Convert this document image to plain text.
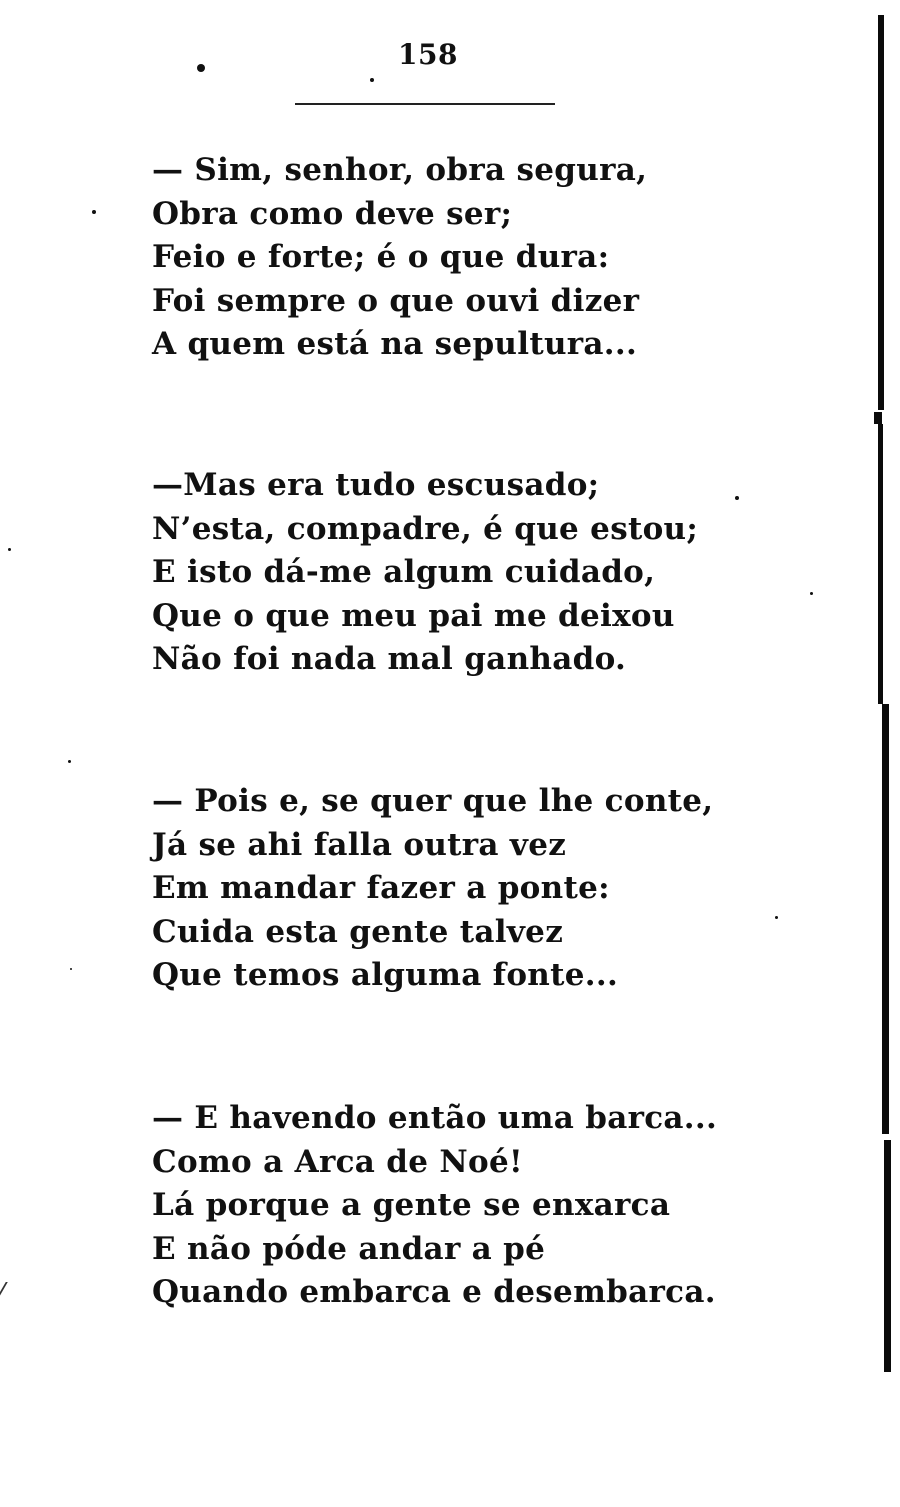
158
— Sim, senhor, obra segura,
Obra como deve ser;
Feio e forte; é o que dura:
Foi sempre o que ouvi dizer
A quem está na sepultura...
—Mas era tudo escusado;
N’esta, compadre, é que estou;
E isto dá-me algum cuidado,
Que o que meu pai me deixou
Não foi nada mal ganhado.
— Pois e, se quer que lhe conte,
Já se ahi falla outra vez
Em mandar fazer a ponte:
Cuida esta gente talvez
Que temos alguma fonte...
— E havendo então uma barca...
Como a Arca de Noé!
Lá porque a gente se enxarca
E não póde andar a pé
Quando embarca e desembarca.
